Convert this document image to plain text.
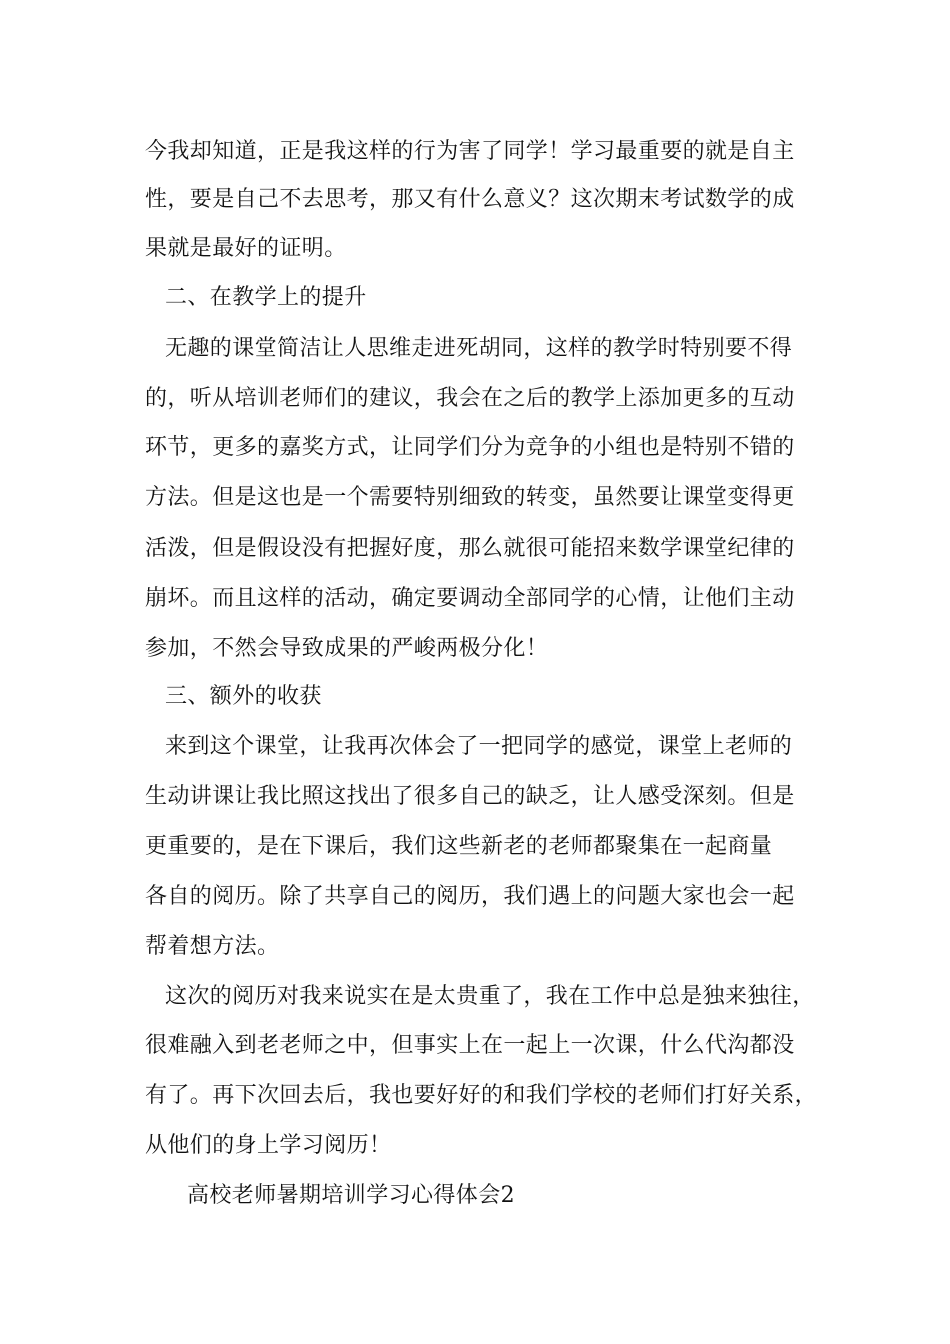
今我却知道，正是我这样的行为害了同学！学习最重要的就是自主
性，要是自己不去思考，那又有什么意义？这次期末考试数学的成
果就是最好的证明。
二、在教学上的提升
无趣的课堂简洁让人思维走进死胡同，这样的教学时特别要不得
的，听从培训老师们的建议，我会在之后的教学上添加更多的互动
环节，更多的嘉奖方式，让同学们分为竞争的小组也是特别不错的
方法。但是这也是一个需要特别细致的转变，虽然要让课堂变得更
活泼，但是假设没有把握好度，那么就很可能招来数学课堂纪律的
崩坏。而且这样的活动，确定要调动全部同学的心情，让他们主动
参加，不然会导致成果的严峻两极分化！
三、额外的收获
来到这个课堂，让我再次体会了一把同学的感觉，课堂上老师的
生动讲课让我比照这找出了很多自己的缺乏，让人感受深刻。但是
更重要的，是在下课后，我们这些新老的老师都聚集在一起商量
各自的阅历。除了共享自己的阅历，我们遇上的问题大家也会一起
帮着想方法。
这次的阅历对我来说实在是太贵重了，我在工作中总是独来独往，
很难融入到老老师之中，但事实上在一起上一次课，什么代沟都没
有了。再下次回去后，我也要好好的和我们学校的老师们打好关系，
从他们的身上学习阅历！
高校老师暑期培训学习心得体会2
